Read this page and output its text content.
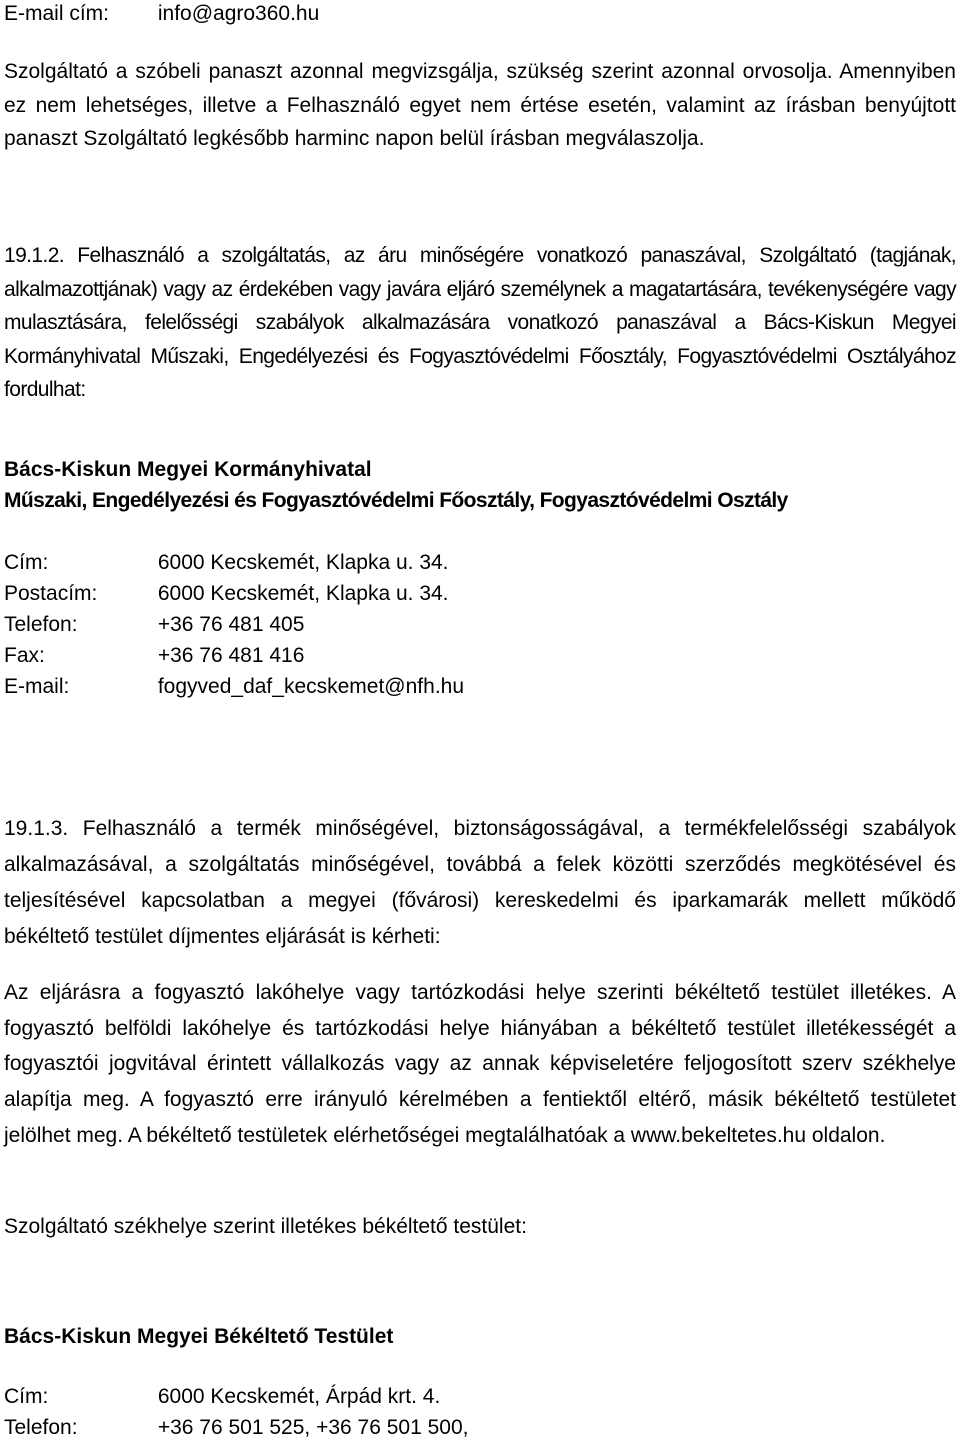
E-mail cím: info@agro360.hu

Szolgáltató a szóbeli panaszt azonnal megvizsgálja, szükség szerint azonnal orvosolja. Amennyiben ez nem lehetséges, illetve a Felhasználó egyet nem értése esetén, valamint az írásban benyújtott panaszt Szolgáltató legkésőbb harminc napon belül írásban megválaszolja.

19.1.2. Felhasználó a szolgáltatás, az áru minőségére vonatkozó panaszával, Szolgáltató (tagjának, alkalmazottjának) vagy az érdekében vagy javára eljáró személynek a magatartására, tevékenységére vagy mulasztására, felelősségi szabályok alkalmazására vonatkozó panaszával a Bács-Kiskun Megyei Kormányhivatal Műszaki, Engedélyezési és Fogyasztóvédelmi Főosztály, Fogyasztóvédelmi Osztályához fordulhat:

Bács-Kiskun Megyei Kormányhivatal
Műszaki, Engedélyezési és Fogyasztóvédelmi Főosztály, Fogyasztóvédelmi Osztály
Cím:	6000 Kecskemét, Klapka u. 34.
Postacím:	6000 Kecskemét, Klapka u. 34.
Telefon:	+36 76 481 405
Fax:	+36 76 481 416
E-mail:	fogyved_daf_kecskemet@nfh.hu

19.1.3. Felhasználó a termék minőségével, biztonságosságával, a termékfelelősségi szabályok alkalmazásával, a szolgáltatás minőségével, továbbá a felek közötti szerződés megkötésével és teljesítésével kapcsolatban a megyei (fővárosi) kereskedelmi és iparkamarák mellett működő békéltető testület díjmentes eljárását is kérheti:

Az eljárásra a fogyasztó lakóhelye vagy tartózkodási helye szerinti békéltető testület illetékes. A fogyasztó belföldi lakóhelye és tartózkodási helye hiányában a békéltető testület illetékességét a fogyasztói jogvitával érintett vállalkozás vagy az annak képviseletére feljogosított szerv székhelye alapítja meg. A fogyasztó erre irányuló kérelmében a fentiektől eltérő, másik békéltető testületet jelölhet meg. A békéltető testületek elérhetőségei megtalálhatóak a www.bekeltetes.hu oldalon.

Szolgáltató székhelye szerint illetékes békéltető testület:
Bács-Kiskun Megyei Békéltető Testület
Cím:	6000 Kecskemét, Árpád krt. 4.
Telefon:	+36 76 501 525, +36 76 501 500,
